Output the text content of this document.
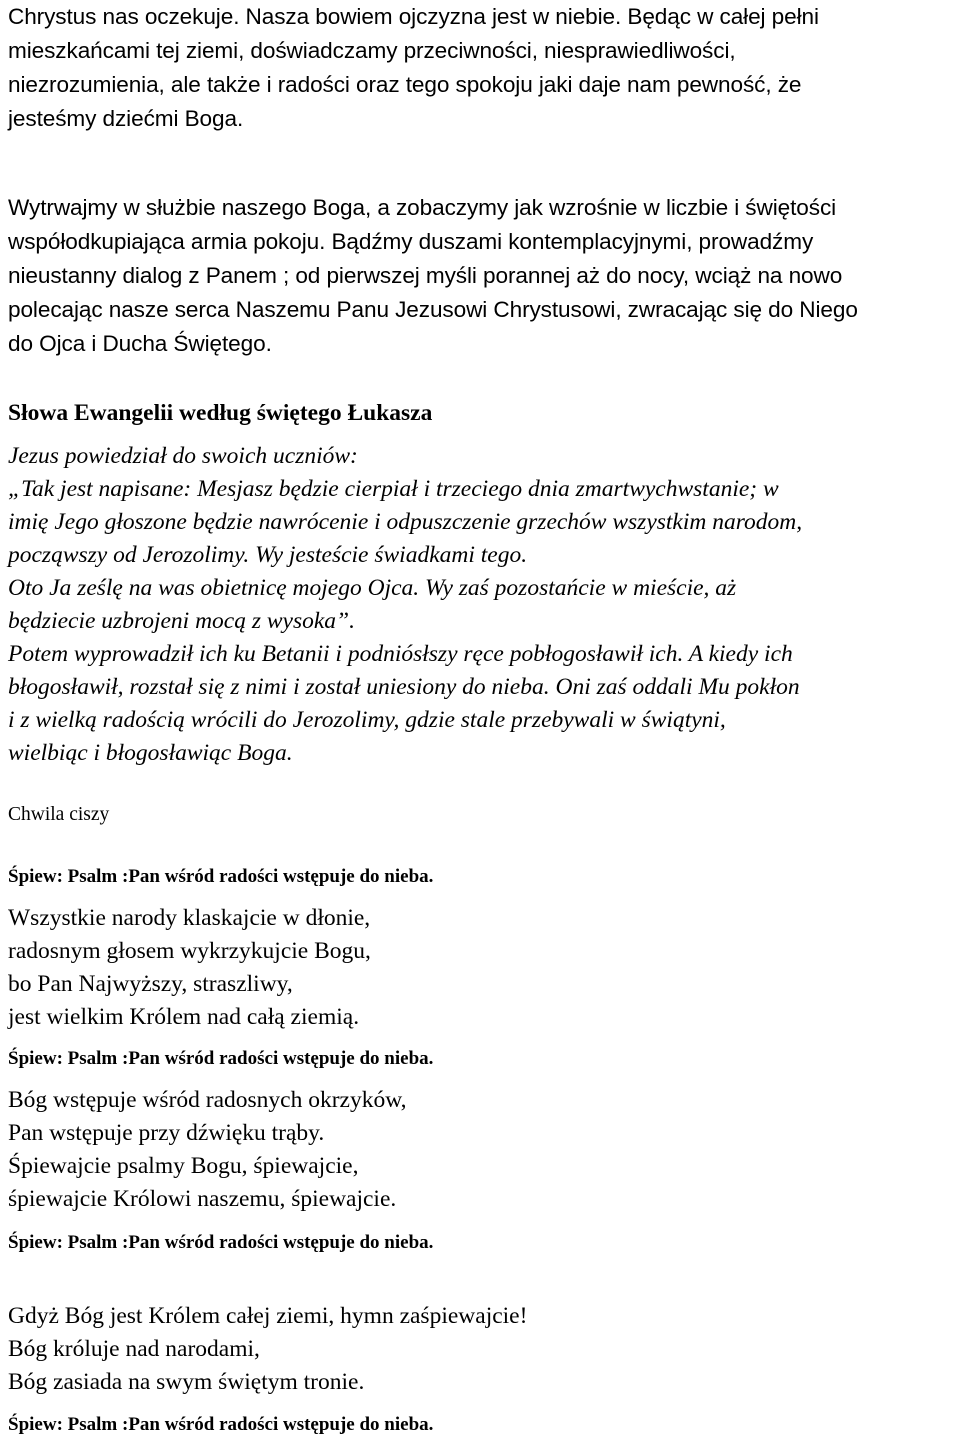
Chrystus nas oczekuje. Nasza bowiem ojczyzna jest w niebie. Będąc w całej pełni
mieszkańcami tej ziemi, doświadczamy przeciwności, niesprawiedliwości,
niezrozumienia, ale także i radości oraz tego spokoju jaki daje nam pewność, że
jesteśmy dziećmi Boga.
Wytrwajmy w służbie naszego Boga, a zobaczymy jak wzrośnie w liczbie i świętości
współodkupiająca armia pokoju. Bądźmy duszami kontemplacyjnymi, prowadźmy
nieustanny dialog z Panem ; od pierwszej myśli porannej aż do nocy, wciąż na nowo
polecając nasze serca Naszemu Panu Jezusowi Chrystusowi, zwracając się do Niego
do Ojca i Ducha Świętego.
Słowa Ewangelii według świętego Łukasza
Jezus powiedział do swoich uczniów:
„Tak jest napisane: Mesjasz będzie cierpiał i trzeciego dnia zmartwychwstanie; w
imię Jego głoszone będzie nawrócenie i odpuszczenie grzechów wszystkim narodom,
począwszy od Jerozolimy. Wy jesteście świadkami tego.
Oto Ja ześlę na was obietnicę mojego Ojca. Wy zaś pozostańcie w mieście, aż
będziecie uzbrojeni mocą z wysoka”.
Potem wyprowadził ich ku Betanii i podniósłszy ręce pobłogosławił ich. A kiedy ich
błogosławił, rozstał się z nimi i został uniesiony do nieba. Oni zaś oddali Mu pokłon
i z wielką radością wrócili do Jerozolimy, gdzie stale przebywali w świątyni,
wielbiąc i błogosławiąc Boga.
Chwila ciszy
Śpiew: Psalm :Pan wśród radości wstępuje do nieba.
Wszystkie narody klaskajcie w dłonie,
radosnym głosem wykrzykujcie Bogu,
bo Pan Najwyższy, straszliwy,
jest wielkim Królem nad całą ziemią.
Śpiew: Psalm :Pan wśród radości wstępuje do nieba.
Bóg wstępuje wśród radosnych okrzyków,
Pan wstępuje przy dźwięku trąby.
Śpiewajcie psalmy Bogu, śpiewajcie,
śpiewajcie Królowi naszemu, śpiewajcie.
Śpiew: Psalm :Pan wśród radości wstępuje do nieba.
Gdyż Bóg jest Królem całej ziemi, hymn zaśpiewajcie!
Bóg króluje nad narodami,
Bóg zasiada na swym świętym tronie.
Śpiew: Psalm :Pan wśród radości wstępuje do nieba.
